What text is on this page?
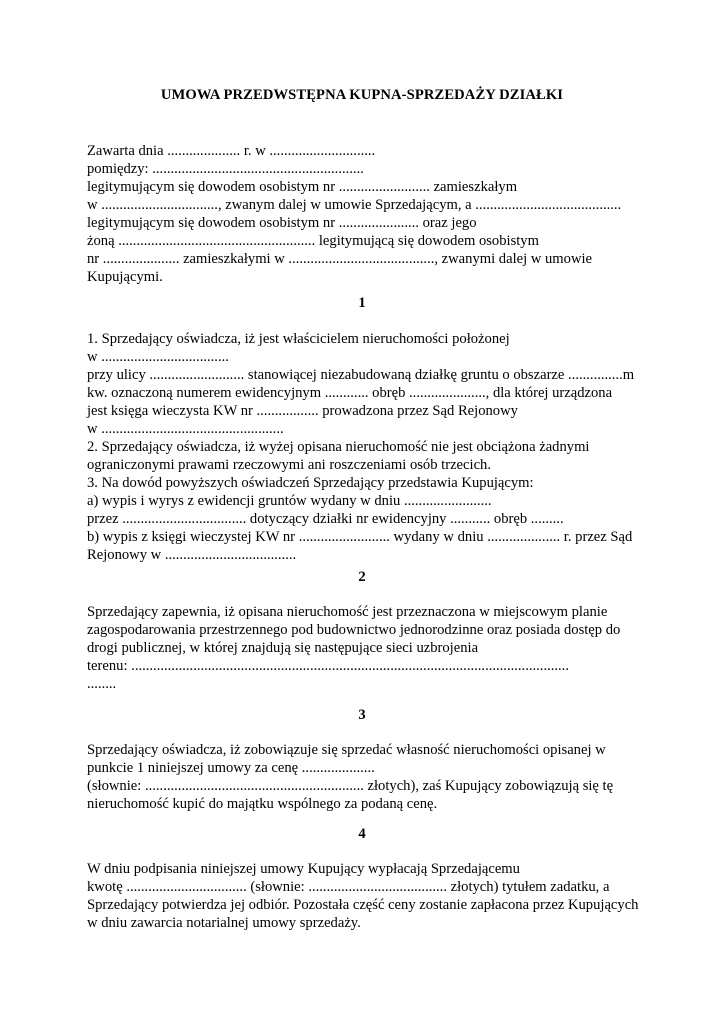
UMOWA PRZEDWSTĘPNA KUPNA-SPRZEDAŻY DZIAŁKI
Zawarta dnia .................... r. w .............................
pomiędzy: ..........................................................
legitymującym się dowodem osobistym nr ......................... zamieszkałym
w ................................, zwanym dalej w umowie Sprzedającym, a ........................................
legitymującym się dowodem osobistym nr ...................... oraz jego
żoną ...................................................... legitymującą się dowodem osobistym
nr ..................... zamieszkałymi w ........................................, zwanymi dalej w umowie
Kupującymi.
1
1. Sprzedający oświadcza, iż jest właścicielem nieruchomości położonej
w ...................................
przy ulicy .......................... stanowiącej niezabudowaną działkę gruntu o obszarze ...............m
kw. oznaczoną numerem ewidencyjnym ............ obręb ....................., dla której urządzona
jest księga wieczysta KW nr ................. prowadzona przez Sąd Rejonowy
w ..................................................
2. Sprzedający oświadcza, iż wyżej opisana nieruchomość nie jest obciążona żadnymi
ograniczonymi prawami rzeczowymi ani roszczeniami osób trzecich.
3. Na dowód powyższych oświadczeń Sprzedający przedstawia Kupującym:
a) wypis i wyrys z ewidencji gruntów wydany w dniu ........................
przez .................................. dotyczący działki nr ewidencyjny ........... obręb .........
b) wypis z księgi wieczystej KW nr ......................... wydany w dniu .................... r. przez Sąd
Rejonowy w ....................................
2
Sprzedający zapewnia, iż opisana nieruchomość jest przeznaczona w miejscowym planie
zagospodarowania przestrzennego pod budownictwo jednorodzinne oraz posiada dostęp do
drogi publicznej, w której znajdują się następujące sieci uzbrojenia
terenu: ........................................................................................................................
........
3
Sprzedający oświadcza, iż zobowiązuje się sprzedać własność nieruchomości opisanej w
punkcie 1 niniejszej umowy za cenę ....................
(słownie: ............................................................ złotych), zaś Kupujący zobowiązują się tę
nieruchomość kupić do majątku wspólnego za podaną cenę.
4
W dniu podpisania niniejszej umowy Kupujący wypłacają Sprzedającemu
kwotę ................................. (słownie: ...................................... złotych) tytułem zadatku, a
Sprzedający potwierdza jej odbiór. Pozostała część ceny zostanie zapłacona przez Kupujących
w dniu zawarcia notarialnej umowy sprzedaży.
